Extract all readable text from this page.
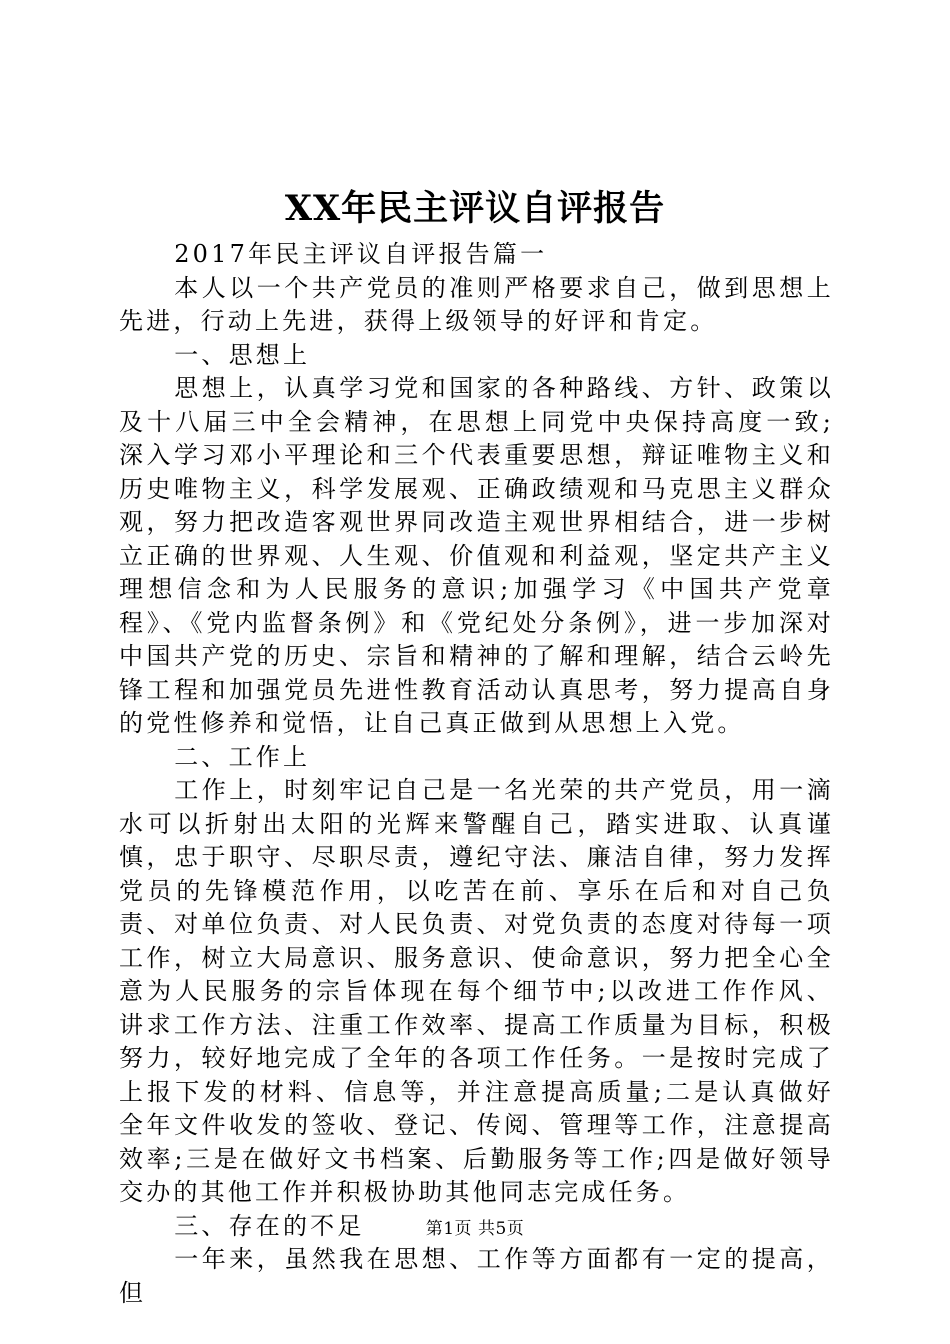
XX年民主评议自评报告

2017年民主评议自评报告篇一

本人以一个共产党员的准则严格要求自己，做到思想上先进，行动上先进，获得上级领导的好评和肯定。

一、思想上

思想上，认真学习党和国家的各种路线、方针、政策以及十八届三中全会精神，在思想上同党中央保持高度一致;深入学习邓小平理论和三个代表重要思想，辩证唯物主义和历史唯物主义，科学发展观、正确政绩观和马克思主义群众观，努力把改造客观世界同改造主观世界相结合，进一步树立正确的世界观、人生观、价值观和利益观，坚定共产主义理想信念和为人民服务的意识;加强学习《中国共产党章程》、《党内监督条例》和《党纪处分条例》，进一步加深对中国共产党的历史、宗旨和精神的了解和理解，结合云岭先锋工程和加强党员先进性教育活动认真思考，努力提高自身的党性修养和觉悟，让自己真正做到从思想上入党。

二、工作上

工作上，时刻牢记自己是一名光荣的共产党员，用一滴水可以折射出太阳的光辉来警醒自己，踏实进取、认真谨慎，忠于职守、尽职尽责，遵纪守法、廉洁自律，努力发挥党员的先锋模范作用，以吃苦在前、享乐在后和对自己负责、对单位负责、对人民负责、对党负责的态度对待每一项工作，树立大局意识、服务意识、使命意识，努力把全心全意为人民服务的宗旨体现在每个细节中;以改进工作作风、讲求工作方法、注重工作效率、提高工作质量为目标，积极努力，较好地完成了全年的各项工作任务。一是按时完成了上报下发的材料、信息等，并注意提高质量;二是认真做好全年文件收发的签收、登记、传阅、管理等工作，注意提高效率;三是在做好文书档案、后勤服务等工作;四是做好领导交办的其他工作并积极协助其他同志完成任务。

三、存在的不足

一年来，虽然我在思想、工作等方面都有一定的提高，但

第1页 共5页
